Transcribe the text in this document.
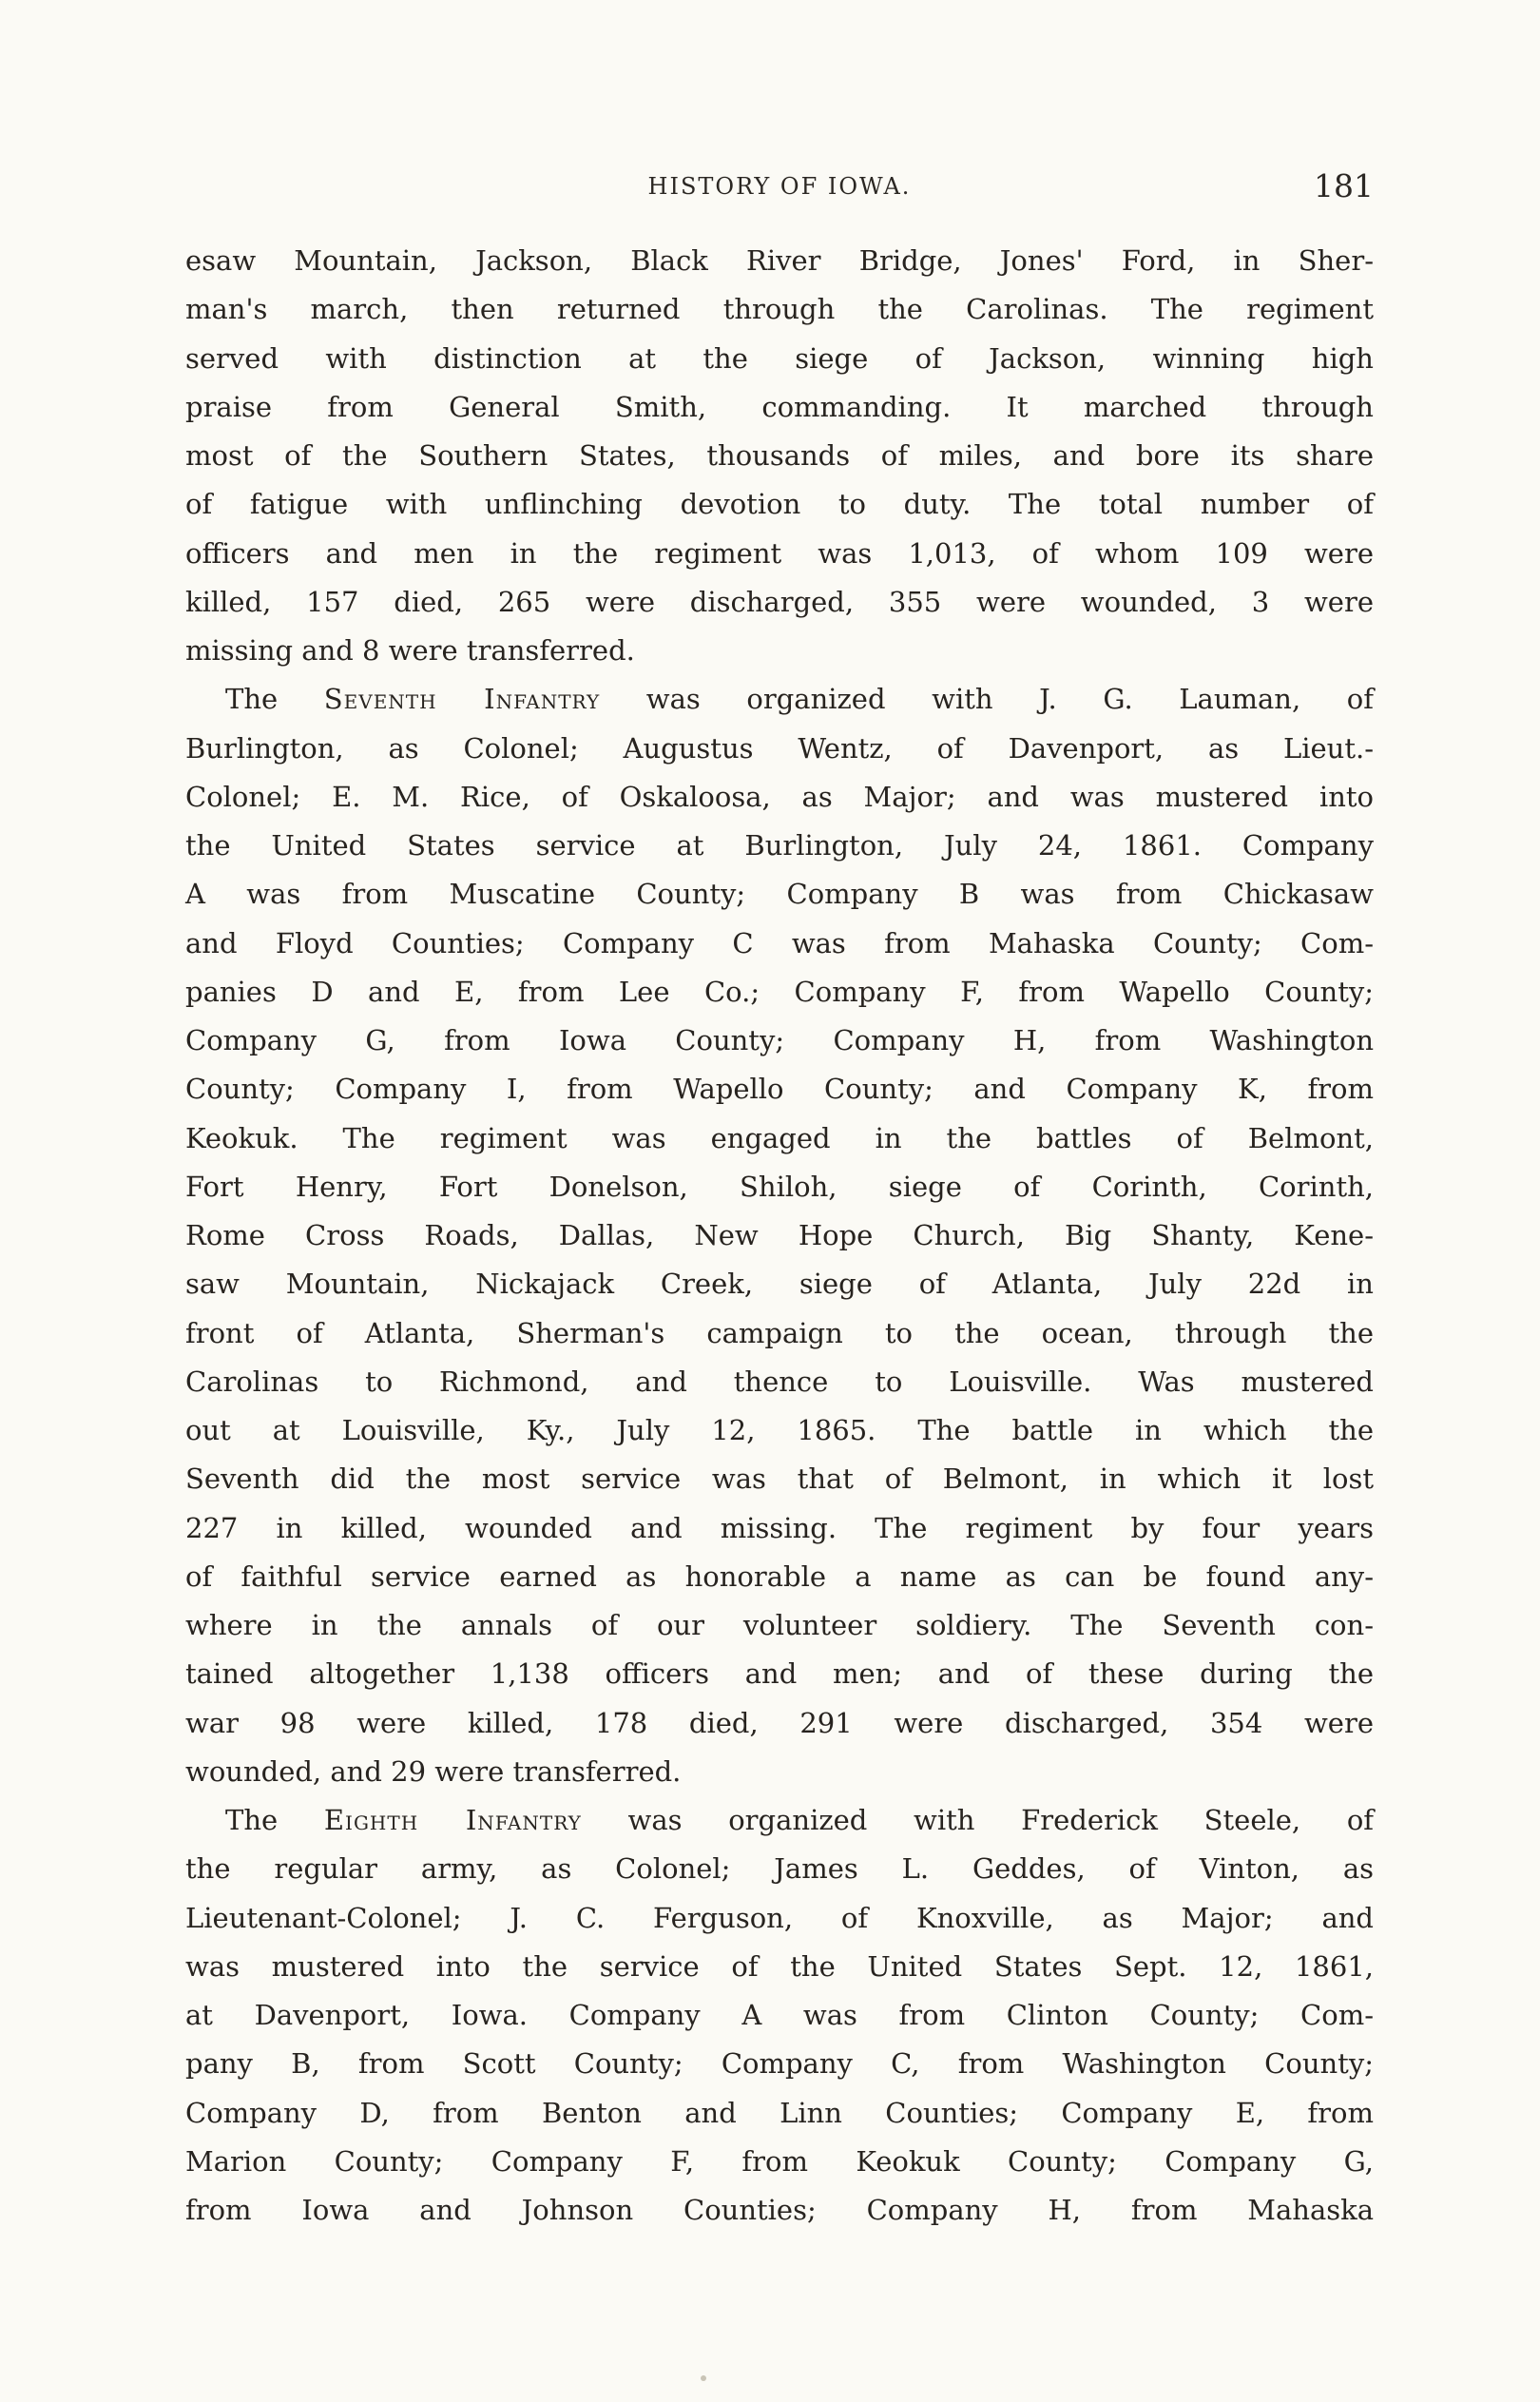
HISTORY OF IOWA.	181
esaw Mountain, Jackson, Black River Bridge, Jones' Ford, in Sher-
man's march, then returned through the Carolinas. The regiment
served with distinction at the siege of Jackson, winning high
praise from General Smith, commanding. It marched through
most of the Southern States, thousands of miles, and bore its share
of fatigue with unflinching devotion to duty. The total number of
officers and men in the regiment was 1,013, of whom 109 were
killed, 157 died, 265 were discharged, 355 were wounded, 3 were
missing and 8 were transferred.
The Seventh Infantry was organized with J. G. Lauman, of
Burlington, as Colonel; Augustus Wentz, of Davenport, as Lieut.-
Colonel; E. M. Rice, of Oskaloosa, as Major; and was mustered into
the United States service at Burlington, July 24, 1861. Company
A was from Muscatine County; Company B was from Chickasaw
and Floyd Counties; Company C was from Mahaska County; Com-
panies D and E, from Lee Co.; Company F, from Wapello County;
Company G, from Iowa County; Company H, from Washington
County; Company I, from Wapello County; and Company K, from
Keokuk. The regiment was engaged in the battles of Belmont,
Fort Henry, Fort Donelson, Shiloh, siege of Corinth, Corinth,
Rome Cross Roads, Dallas, New Hope Church, Big Shanty, Kene-
saw Mountain, Nickajack Creek, siege of Atlanta, July 22d in
front of Atlanta, Sherman's campaign to the ocean, through the
Carolinas to Richmond, and thence to Louisville. Was mustered
out at Louisville, Ky., July 12, 1865. The battle in which the
Seventh did the most service was that of Belmont, in which it lost
227 in killed, wounded and missing. The regiment by four years
of faithful service earned as honorable a name as can be found any-
where in the annals of our volunteer soldiery. The Seventh con-
tained altogether 1,138 officers and men; and of these during the
war 98 were killed, 178 died, 291 were discharged, 354 were
wounded, and 29 were transferred.
The Eighth Infantry was organized with Frederick Steele, of
the regular army, as Colonel; James L. Geddes, of Vinton, as
Lieutenant-Colonel; J. C. Ferguson, of Knoxville, as Major; and
was mustered into the service of the United States Sept. 12, 1861,
at Davenport, Iowa. Company A was from Clinton County; Com-
pany B, from Scott County; Company C, from Washington County;
Company D, from Benton and Linn Counties; Company E, from
Marion County; Company F, from Keokuk County; Company G,
from Iowa and Johnson Counties; Company H, from Mahaska
